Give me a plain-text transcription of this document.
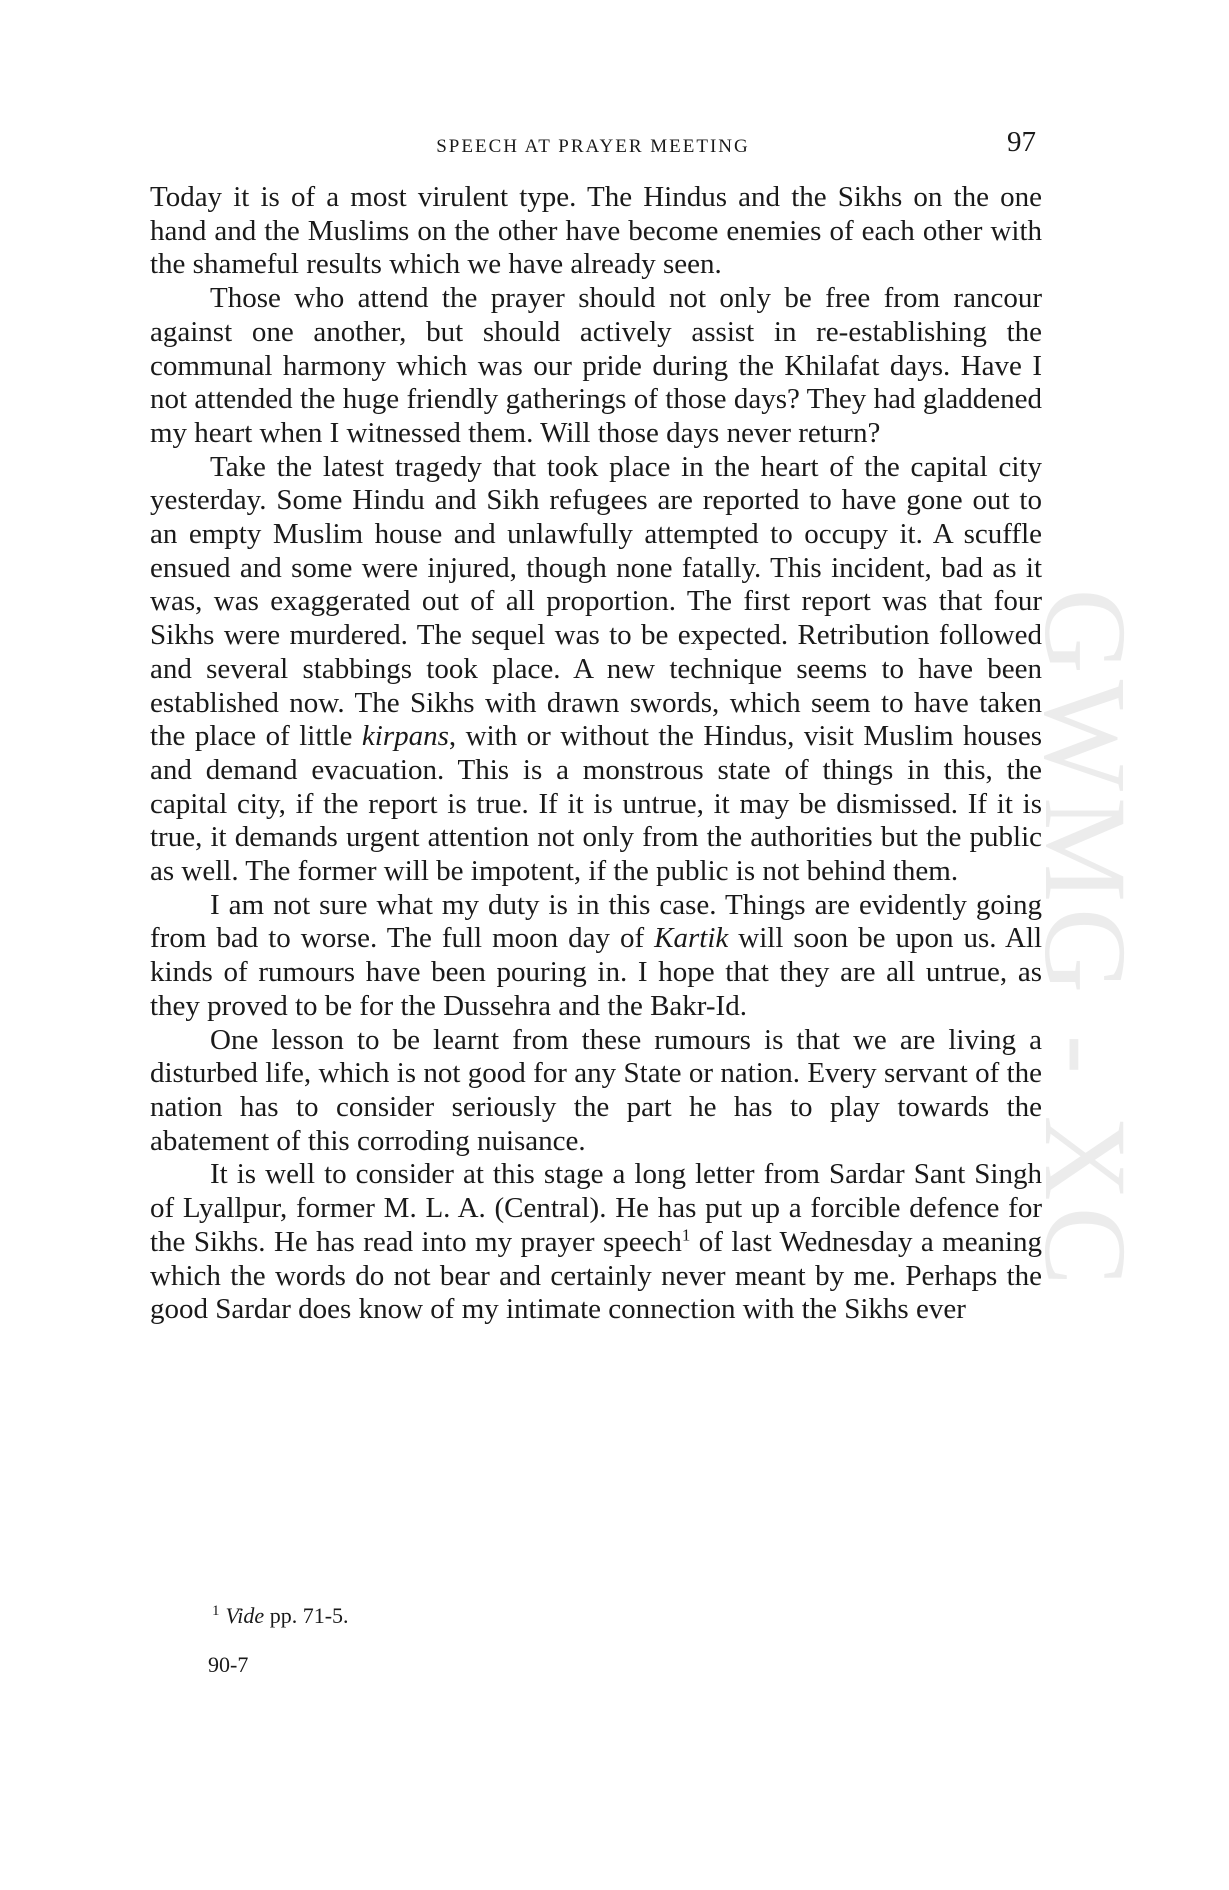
GWMG - XC
SPEECH AT PRAYER MEETING	97

Today it is of a most virulent type. The Hindus and the Sikhs on the one hand and the Muslims on the other have become enemies of each other with the shameful results which we have already seen.

Those who attend the prayer should not only be free from rancour against one another, but should actively assist in re-establishing the communal harmony which was our pride during the Khilafat days. Have I not attended the huge friendly gatherings of those days? They had gladdened my heart when I witnessed them. Will those days never return?

Take the latest tragedy that took place in the heart of the capital city yesterday. Some Hindu and Sikh refugees are reported to have gone out to an empty Muslim house and unlawfully attempted to occupy it. A scuffle ensued and some were injured, though none fatally. This incident, bad as it was, was exaggerated out of all proportion. The first report was that four Sikhs were murdered. The sequel was to be expected. Retribution followed and several stabbings took place. A new technique seems to have been established now. The Sikhs with drawn swords, which seem to have taken the place of little kirpans, with or without the Hindus, visit Muslim houses and demand evacuation. This is a monstrous state of things in this, the capital city, if the report is true. If it is untrue, it may be dismissed. If it is true, it demands urgent attention not only from the authorities but the public as well. The former will be impotent, if the public is not behind them.

I am not sure what my duty is in this case. Things are evidently going from bad to worse. The full moon day of Kartik will soon be upon us. All kinds of rumours have been pouring in. I hope that they are all untrue, as they proved to be for the Dussehra and the Bakr-Id.

One lesson to be learnt from these rumours is that we are living a disturbed life, which is not good for any State or nation. Every servant of the nation has to consider seriously the part he has to play towards the abatement of this corroding nuisance.

It is well to consider at this stage a long letter from Sardar Sant Singh of Lyallpur, former M. L. A. (Central). He has put up a forcible defence for the Sikhs. He has read into my prayer speech$^1$ of last Wednesday a meaning which the words do not bear and certainly never meant by me. Perhaps the good Sardar does know of my intimate connection with the Sikhs ever

$^1$ Vide pp. 71-5.
90-7
